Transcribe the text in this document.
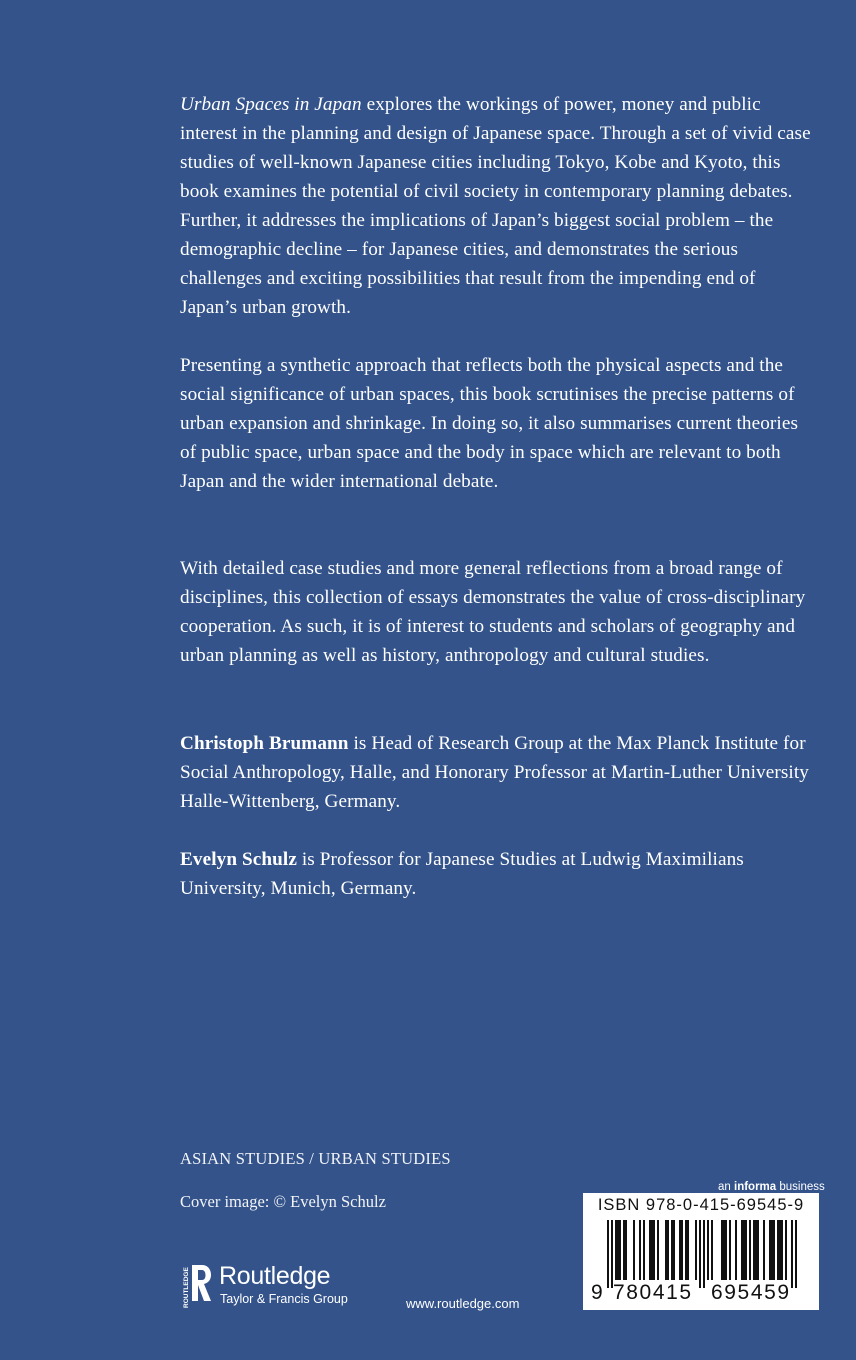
Urban Spaces in Japan explores the workings of power, money and public interest in the planning and design of Japanese space. Through a set of vivid case studies of well-known Japanese cities including Tokyo, Kobe and Kyoto, this book examines the potential of civil society in contemporary planning debates. Further, it addresses the implications of Japan’s biggest social problem – the demographic decline – for Japanese cities, and demonstrates the serious challenges and exciting possibilities that result from the impending end of Japan’s urban growth.

Presenting a synthetic approach that reflects both the physical aspects and the social significance of urban spaces, this book scrutinises the precise patterns of urban expansion and shrinkage. In doing so, it also summarises current theories of public space, urban space and the body in space which are relevant to both Japan and the wider international debate.

With detailed case studies and more general reflections from a broad range of disciplines, this collection of essays demonstrates the value of cross-disciplinary cooperation. As such, it is of interest to students and scholars of geography and urban planning as well as history, anthropology and cultural studies.

Christoph Brumann is Head of Research Group at the Max Planck Institute for Social Anthropology, Halle, and Honorary Professor at Martin-Luther University Halle-Wittenberg, Germany.

Evelyn Schulz is Professor for Japanese Studies at Ludwig Maximilians University, Munich, Germany.

ASIAN STUDIES / URBAN STUDIES
Cover image: © Evelyn Schulz
ROUTLEDGE Routledge
Taylor & Francis Group	www.routledge.com
an informa business
ISBN 978-0-415-69545-9
9 780415 695459
